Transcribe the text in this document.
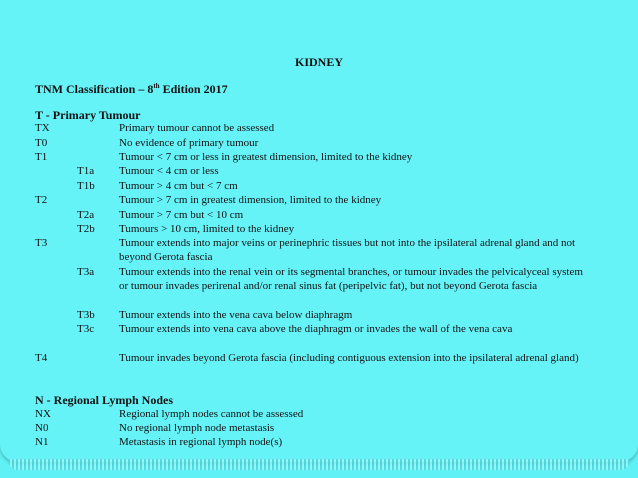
KIDNEY
TNM Classification – 8th Edition 2017
T - Primary Tumour
TX	Primary tumour cannot be assessed
T0	No evidence of primary tumour
T1	Tumour < 7 cm or less in greatest dimension, limited to the kidney
T1a Tumour < 4 cm or less
T1b Tumour > 4 cm but < 7 cm
T2	Tumour > 7 cm in greatest dimension, limited to the kidney
T2a Tumour > 7 cm but < 10 cm
T2b Tumours > 10 cm, limited to the kidney
T3	Tumour extends into major veins or perinephric tissues but not into the ipsilateral adrenal gland and not beyond Gerota fascia
T3a Tumour extends into the renal vein or its segmental branches, or tumour invades the pelvicalyceal system or tumour invades perirenal and/or renal sinus fat (peripelvic fat), but not beyond Gerota fascia
T3b Tumour extends into the vena cava below diaphragm
T3c Tumour extends into vena cava above the diaphragm or invades the wall of the vena cava
T4	Tumour invades beyond Gerota fascia (including contiguous extension into the ipsilateral adrenal gland)
N - Regional Lymph Nodes
NX	Regional lymph nodes cannot be assessed
N0	No regional lymph node metastasis
N1	Metastasis in regional lymph node(s)
